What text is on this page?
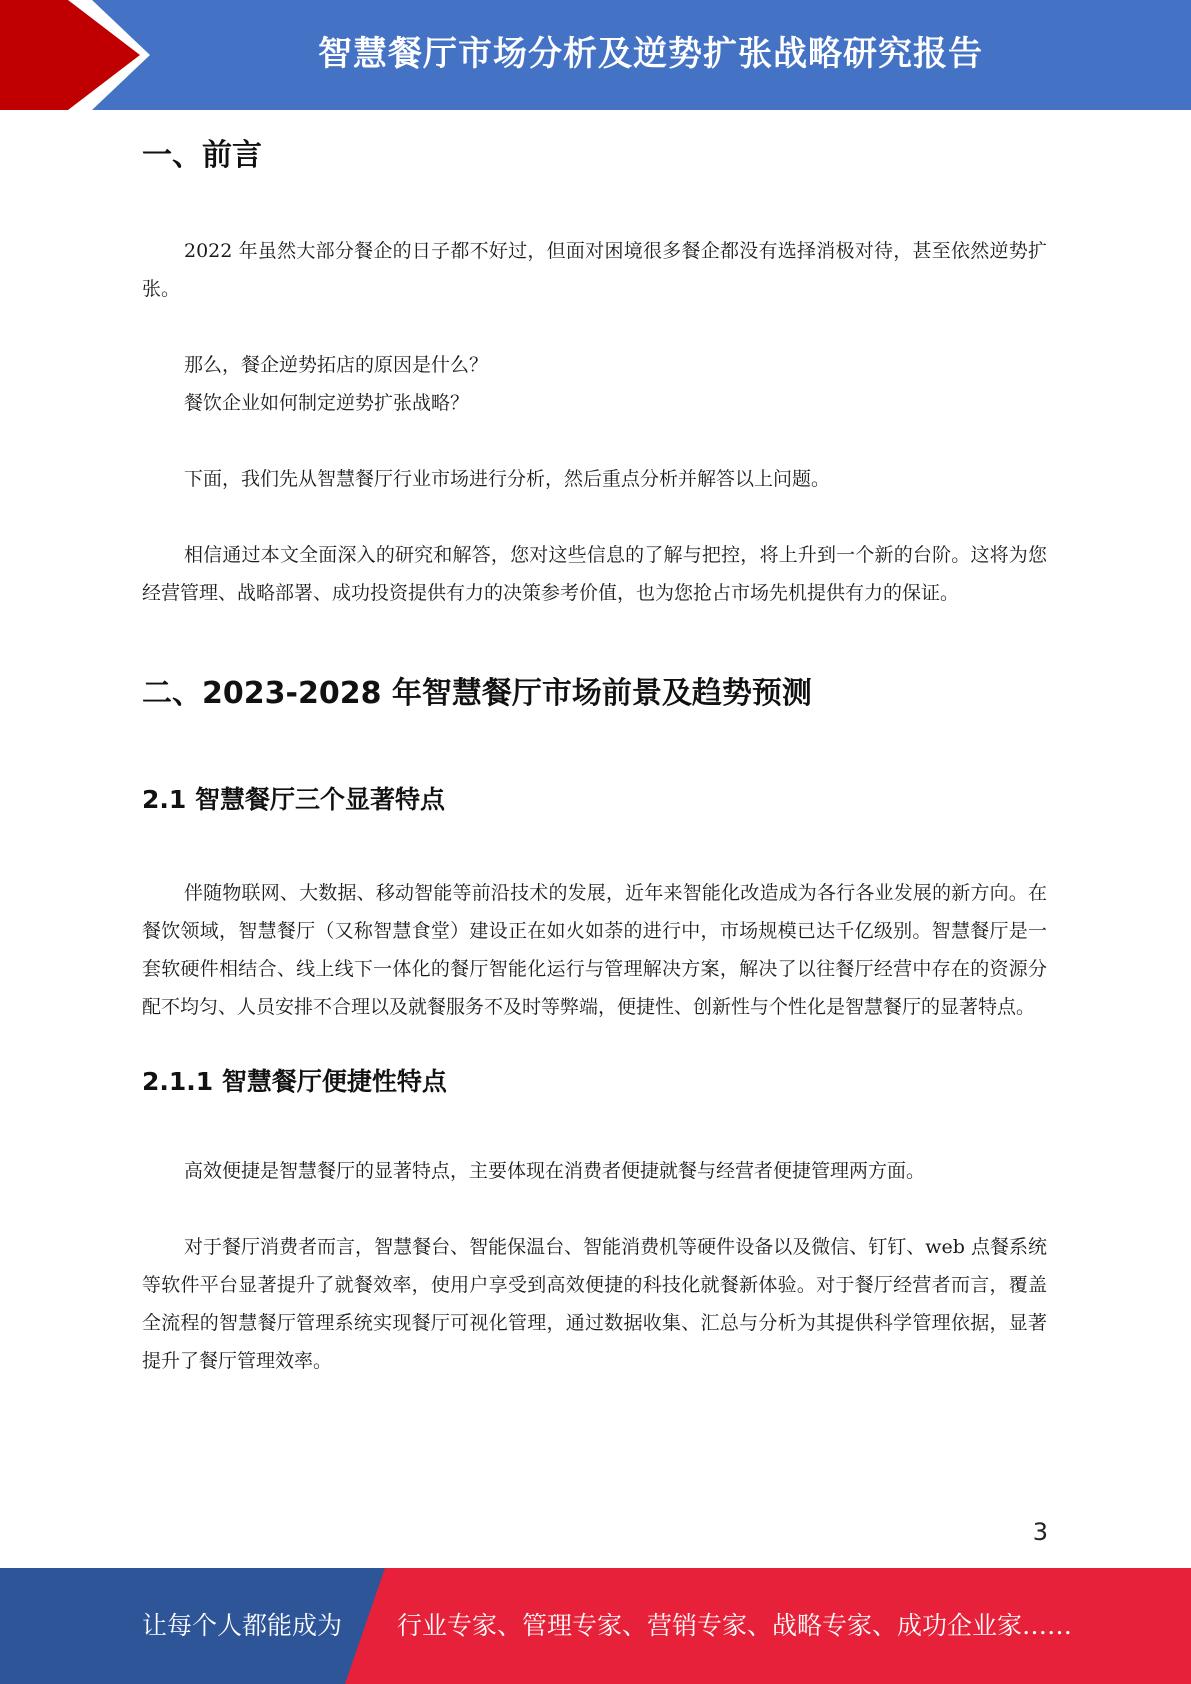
智慧餐厅市场分析及逆势扩张战略研究报告
一、前言

2022 年虽然大部分餐企的日子都不好过，但面对困境很多餐企都没有选择消极对待，甚至依然逆势扩张。

那么，餐企逆势拓店的原因是什么？

餐饮企业如何制定逆势扩张战略？

下面，我们先从智慧餐厅行业市场进行分析，然后重点分析并解答以上问题。

相信通过本文全面深入的研究和解答，您对这些信息的了解与把控，将上升到一个新的台阶。这将为您经营管理、战略部署、成功投资提供有力的决策参考价值，也为您抢占市场先机提供有力的保证。

二、2023-2028 年智慧餐厅市场前景及趋势预测
2.1 智慧餐厅三个显著特点

伴随物联网、大数据、移动智能等前沿技术的发展，近年来智能化改造成为各行各业发展的新方向。在餐饮领域，智慧餐厅（又称智慧食堂）建设正在如火如荼的进行中，市场规模已达千亿级别。智慧餐厅是一套软硬件相结合、线上线下一体化的餐厅智能化运行与管理解决方案，解决了以往餐厅经营中存在的资源分配不均匀、人员安排不合理以及就餐服务不及时等弊端，便捷性、创新性与个性化是智慧餐厅的显著特点。

2.1.1 智慧餐厅便捷性特点

高效便捷是智慧餐厅的显著特点，主要体现在消费者便捷就餐与经营者便捷管理两方面。

对于餐厅消费者而言，智慧餐台、智能保温台、智能消费机等硬件设备以及微信、钉钉、web 点餐系统等软件平台显著提升了就餐效率，使用户享受到高效便捷的科技化就餐新体验。对于餐厅经营者而言，覆盖全流程的智慧餐厅管理系统实现餐厅可视化管理，通过数据收集、汇总与分析为其提供科学管理依据，显著提升了餐厅管理效率。

3
让每个人都能成为 行业专家、管理专家、营销专家、战略专家、成功企业家……
